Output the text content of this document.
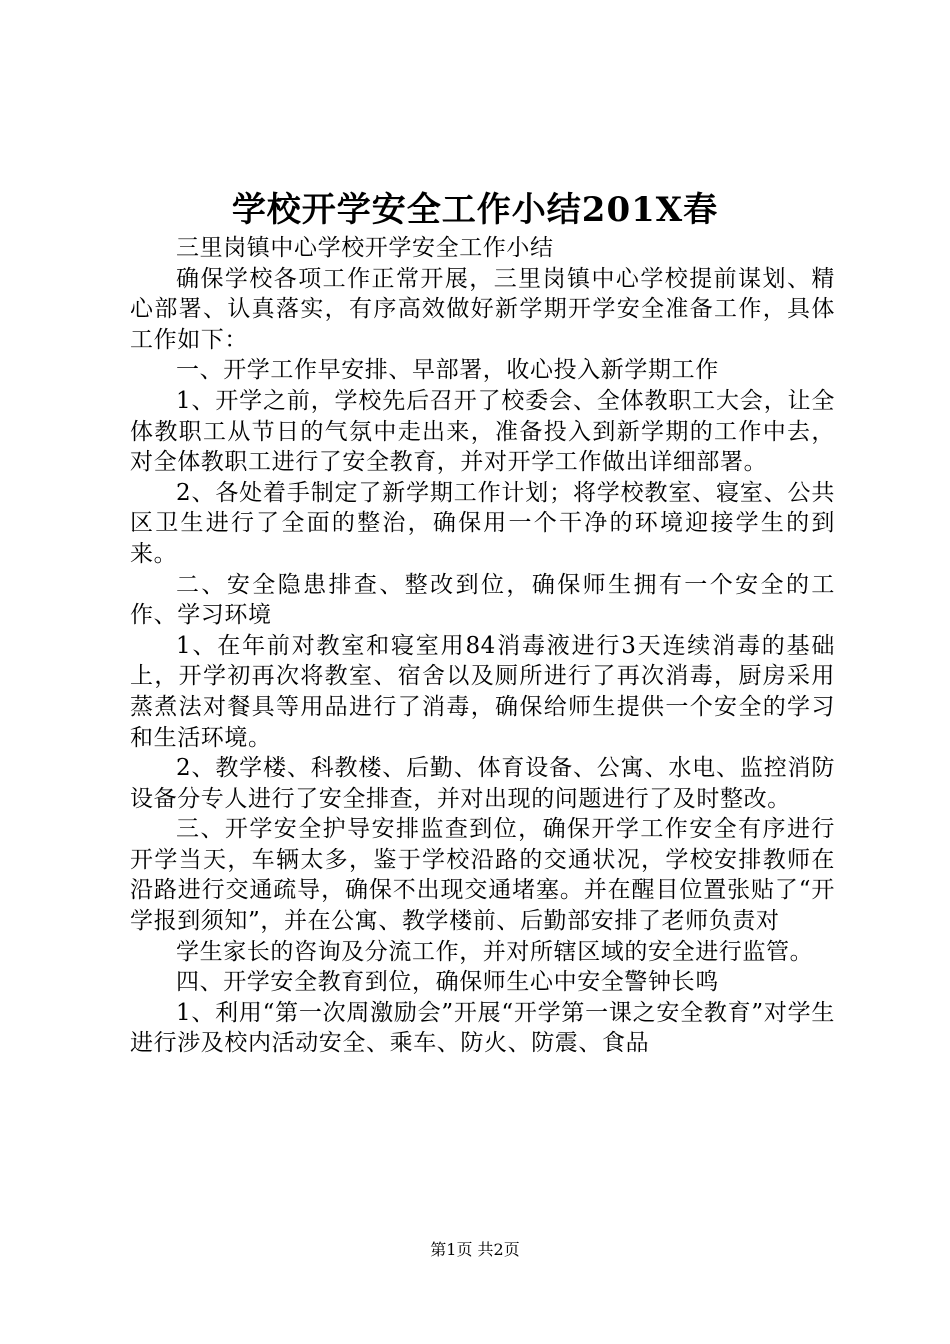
学校开学安全工作小结201X春

三里岗镇中心学校开学安全工作小结

确保学校各项工作正常开展，三里岗镇中心学校提前谋划、精心部署、认真落实，有序高效做好新学期开学安全准备工作，具体工作如下：

一、开学工作早安排、早部署，收心投入新学期工作

1、开学之前，学校先后召开了校委会、全体教职工大会，让全体教职工从节日的气氛中走出来，准备投入到新学期的工作中去，对全体教职工进行了安全教育，并对开学工作做出详细部署。

2、各处着手制定了新学期工作计划；将学校教室、寝室、公共区卫生进行了全面的整治，确保用一个干净的环境迎接学生的到来。

二、安全隐患排查、整改到位，确保师生拥有一个安全的工作、学习环境

1、在年前对教室和寝室用84消毒液进行3天连续消毒的基础上，开学初再次将教室、宿舍以及厕所进行了再次消毒，厨房采用蒸煮法对餐具等用品进行了消毒，确保给师生提供一个安全的学习和生活环境。

2、教学楼、科教楼、后勤、体育设备、公寓、水电、监控消防设备分专人进行了安全排查，并对出现的问题进行了及时整改。

三、开学安全护导安排监查到位，确保开学工作安全有序进行开学当天，车辆太多，鉴于学校沿路的交通状况，学校安排教师在沿路进行交通疏导，确保不出现交通堵塞。并在醒目位置张贴了“开学报到须知”，并在公寓、教学楼前、后勤部安排了老师负责对

学生家长的咨询及分流工作，并对所辖区域的安全进行监管。

四、开学安全教育到位，确保师生心中安全警钟长鸣

1、利用“第一次周激励会”开展“开学第一课之安全教育”对学生进行涉及校内活动安全、乘车、防火、防震、食品

第1页 共2页
